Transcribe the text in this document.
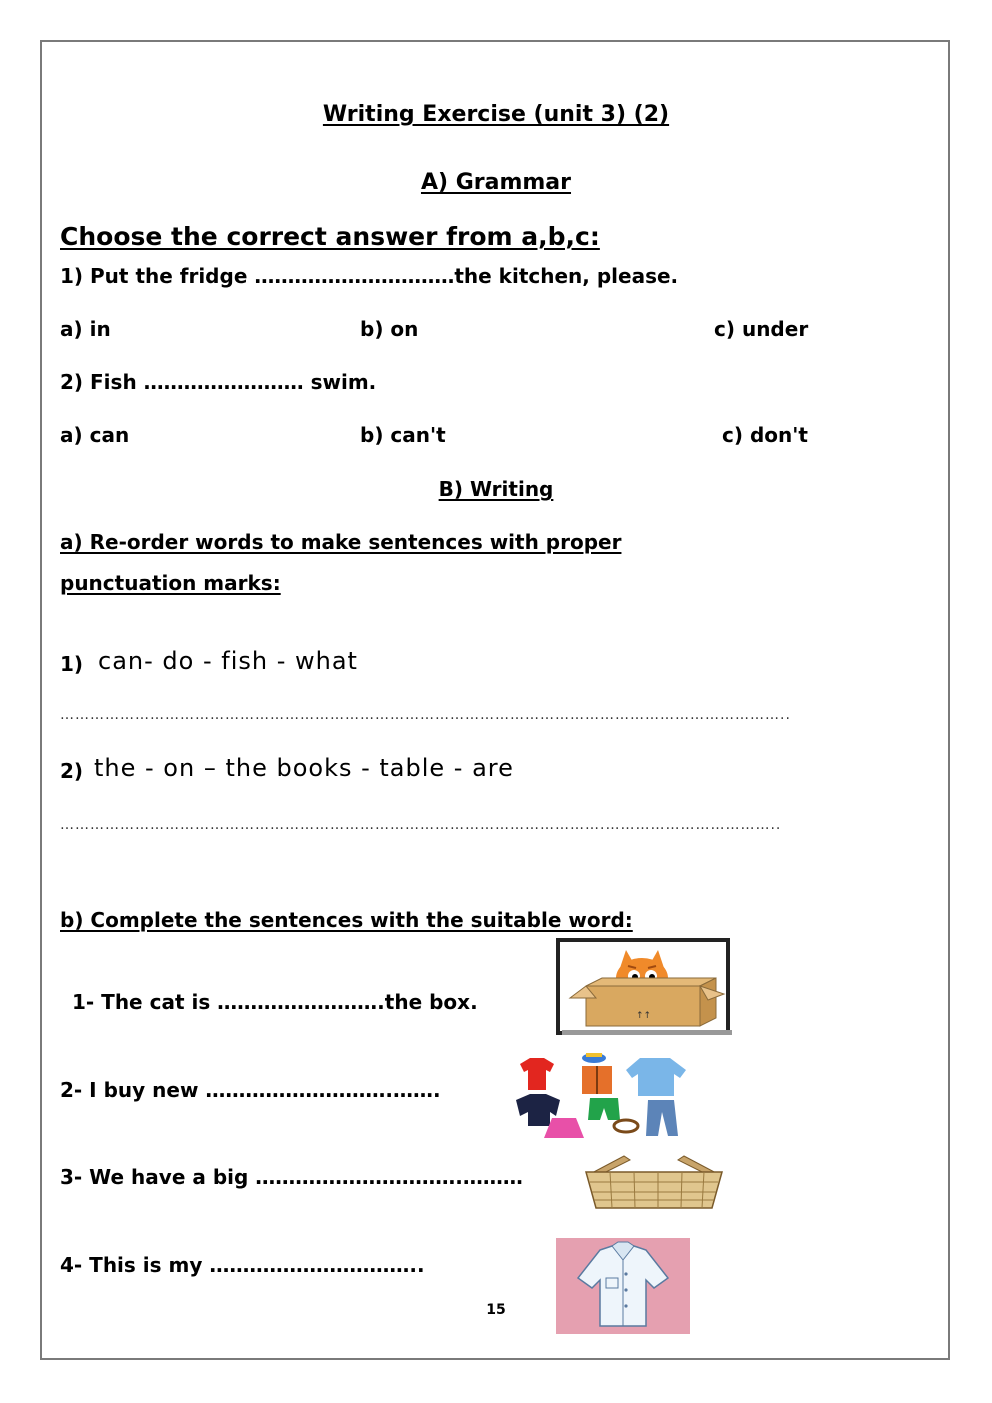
Writing Exercise (unit 3) (2)
A) Grammar
Choose the correct answer from a,b,c:
1) Put the fridge …………………………the kitchen, please.
a) in	b) on	c) under
2) Fish …………………… swim.
a) can	b) can't	c) don't
B) Writing
a) Re-order words to make sentences with proper
punctuation marks:
1) can- do - fish - what
………………………………………………………………………………………………………………………………..
2) the - on – the books - table - are
……………………………………………………………………………………………….……………………………..
b) Complete the sentences with the suitable word:
1- The cat is …………………….the box.
↑↑
2- I buy new ……………………….…….
3- We have a big ………………………….………
4- This is my …………………………..
15
